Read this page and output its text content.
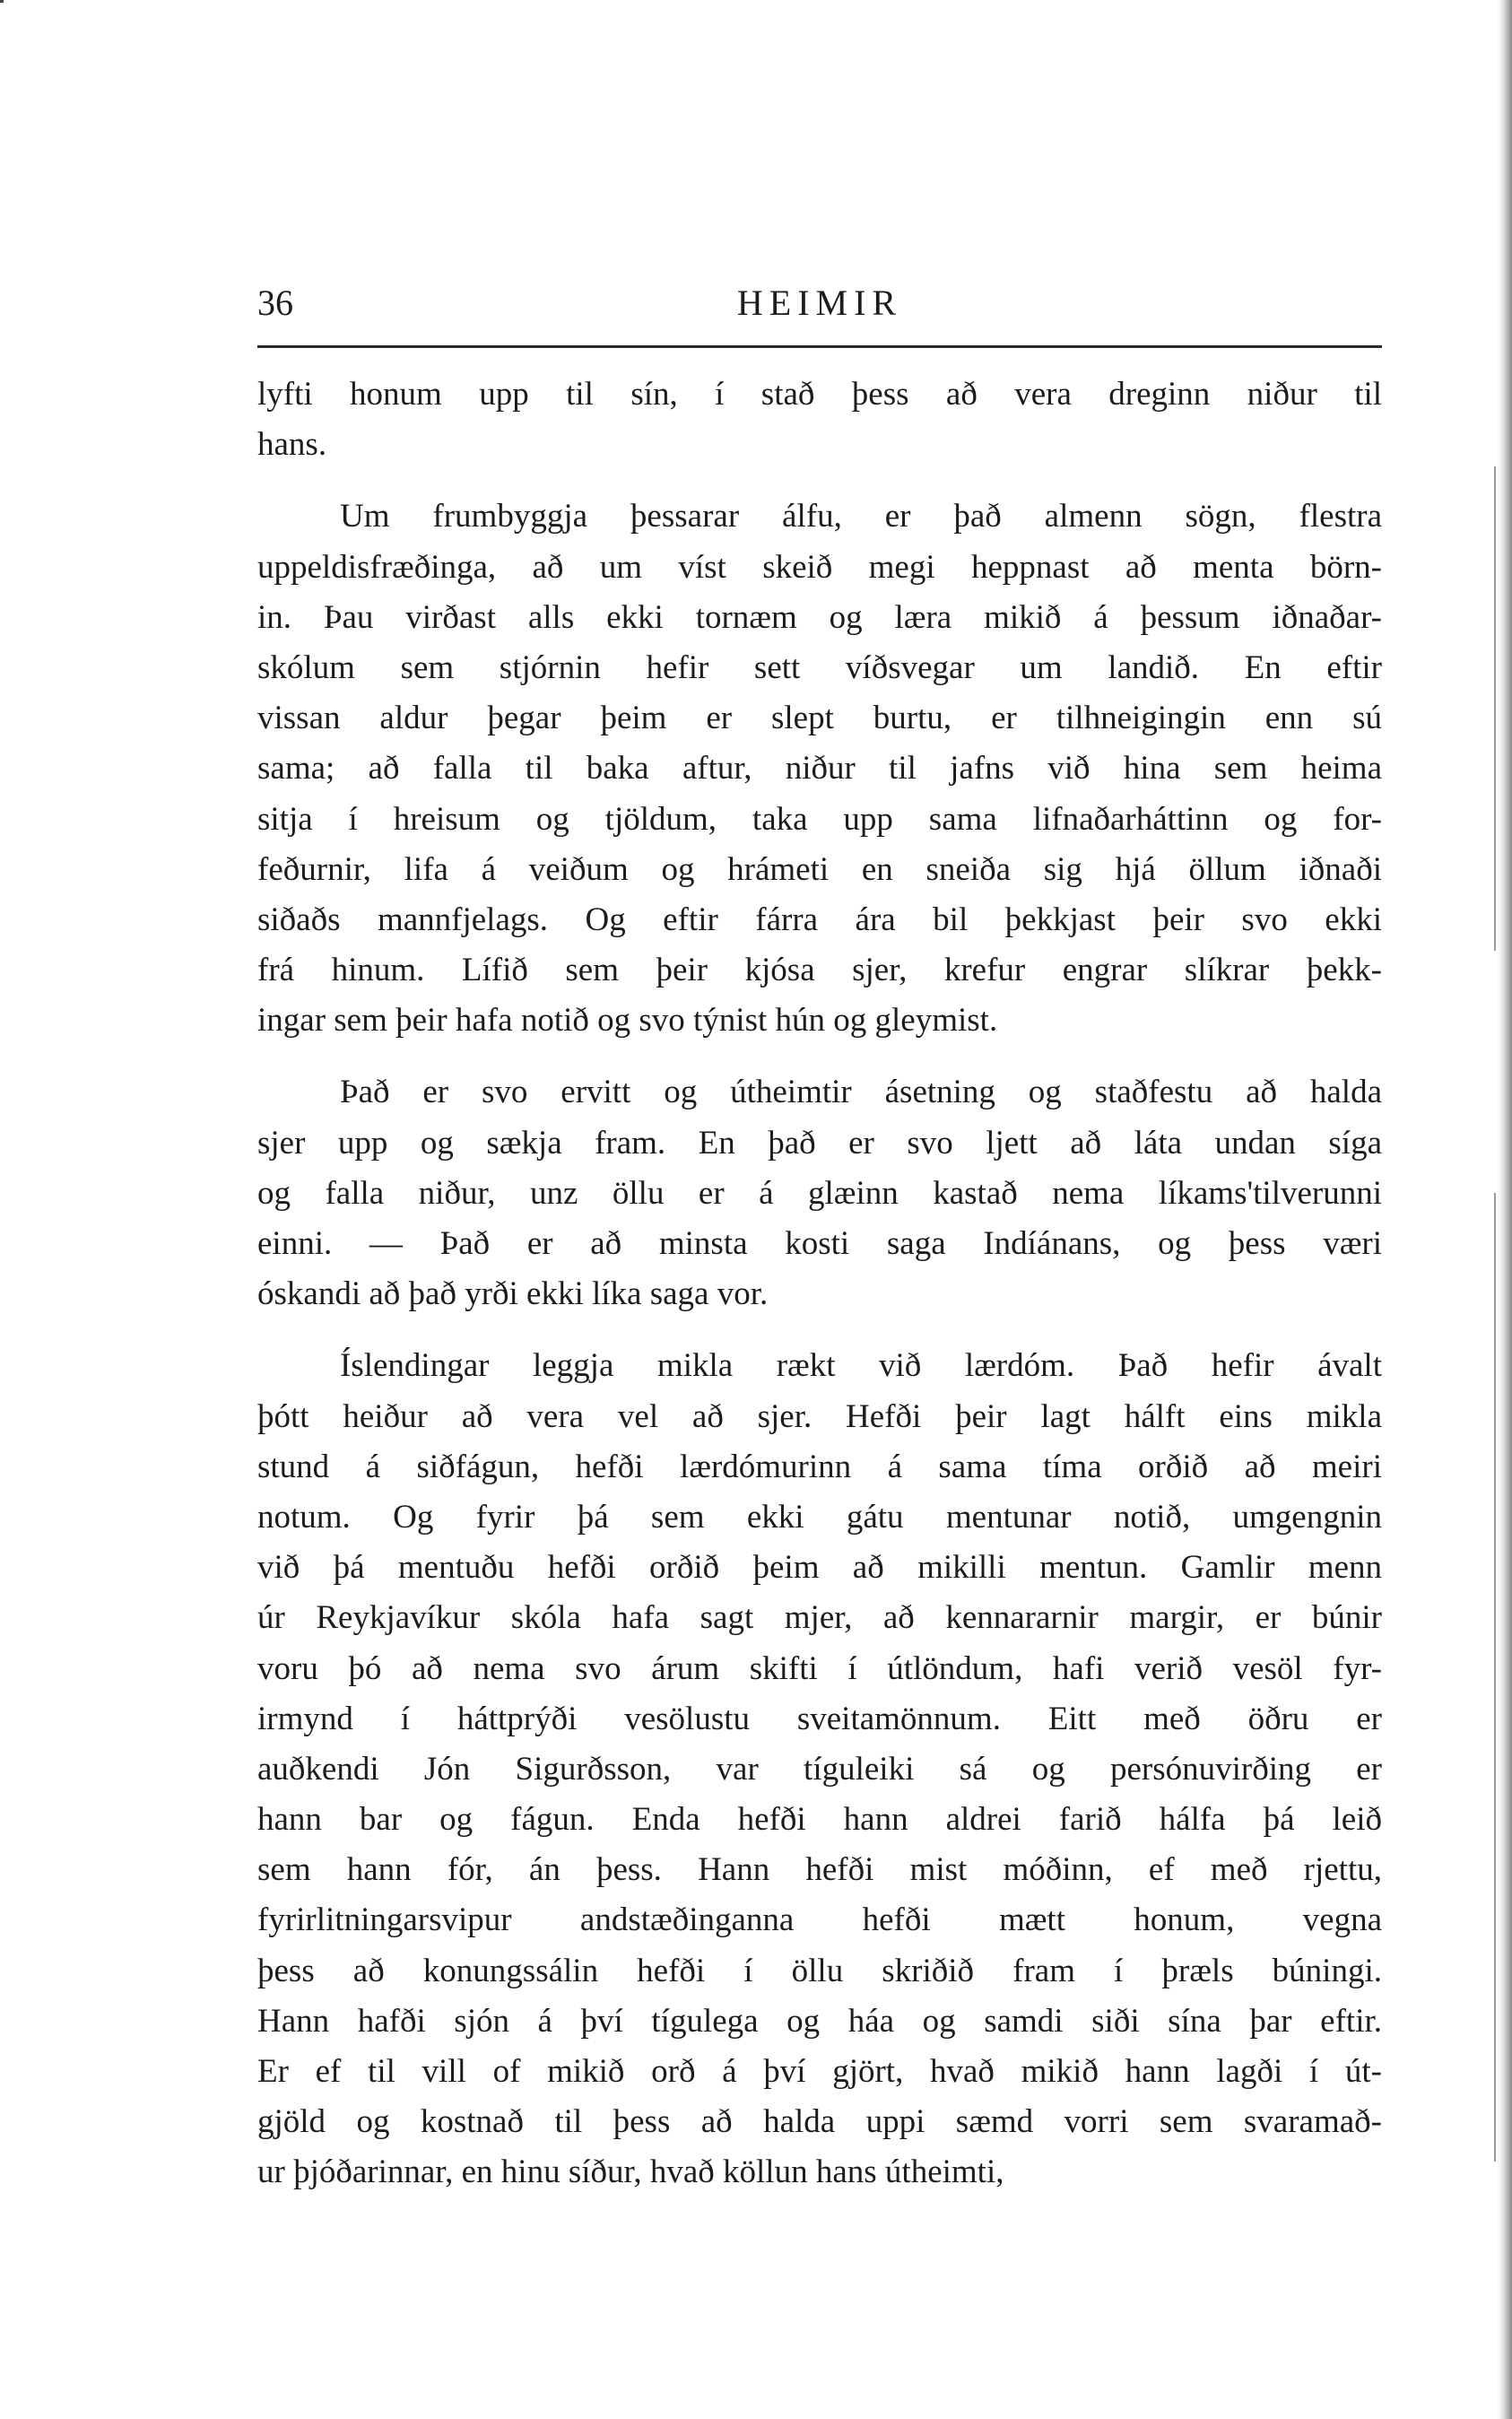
36	HEIMIR
lyfti honum upp til sín, í stað þess að vera dreginn niður til
hans.
Um frumbyggja þessarar álfu, er það almenn sögn, flestra
uppeldisfræðinga, að um víst skeið megi heppnast að menta börn-
in. Þau virðast alls ekki tornæm og læra mikið á þessum iðnaðar-
skólum sem stjórnin hefir sett víðsvegar um landið. En eftir
vissan aldur þegar þeim er slept burtu, er tilhneigingin enn sú
sama; að falla til baka aftur, niður til jafns við hina sem heima
sitja í hreisum og tjöldum, taka upp sama lifnaðarháttinn og for-
feðurnir, lifa á veiðum og hrámeti en sneiða sig hjá öllum iðnaði
siðaðs mannfjelags. Og eftir fárra ára bil þekkjast þeir svo ekki
frá hinum. Lífið sem þeir kjósa sjer, krefur engrar slíkrar þekk-
ingar sem þeir hafa notið og svo týnist hún og gleymist.
Það er svo ervitt og útheimtir ásetning og staðfestu að halda
sjer upp og sækja fram. En það er svo ljett að láta undan síga
og falla niður, unz öllu er á glæinn kastað nema líkams'tilverunni
einni. — Það er að minsta kosti saga Indíánans, og þess væri
óskandi að það yrði ekki líka saga vor.
Íslendingar leggja mikla rækt við lærdóm. Það hefir ávalt
þótt heiður að vera vel að sjer. Hefði þeir lagt hálft eins mikla
stund á siðfágun, hefði lærdómurinn á sama tíma orðið að meiri
notum. Og fyrir þá sem ekki gátu mentunar notið, umgengnin
við þá mentuðu hefði orðið þeim að mikilli mentun. Gamlir menn
úr Reykjavíkur skóla hafa sagt mjer, að kennararnir margir, er búnir
voru þó að nema svo árum skifti í útlöndum, hafi verið vesöl fyr-
irmynd í háttprýði vesölustu sveitamönnum. Eitt með öðru er
auðkendi Jón Sigurðsson, var tíguleiki sá og persónuvirðing er
hann bar og fágun. Enda hefði hann aldrei farið hálfa þá leið
sem hann fór, án þess. Hann hefði mist móðinn, ef með rjettu,
fyrirlitningarsvipur andstæðinganna hefði mætt honum, vegna
þess að konungssálin hefði í öllu skriðið fram í þræls búningi.
Hann hafði sjón á því tígulega og háa og samdi siði sína þar eftir.
Er ef til vill of mikið orð á því gjört, hvað mikið hann lagði í út-
gjöld og kostnað til þess að halda uppi sæmd vorri sem svaramað-
ur þjóðarinnar, en hinu síður, hvað köllun hans útheimti,
